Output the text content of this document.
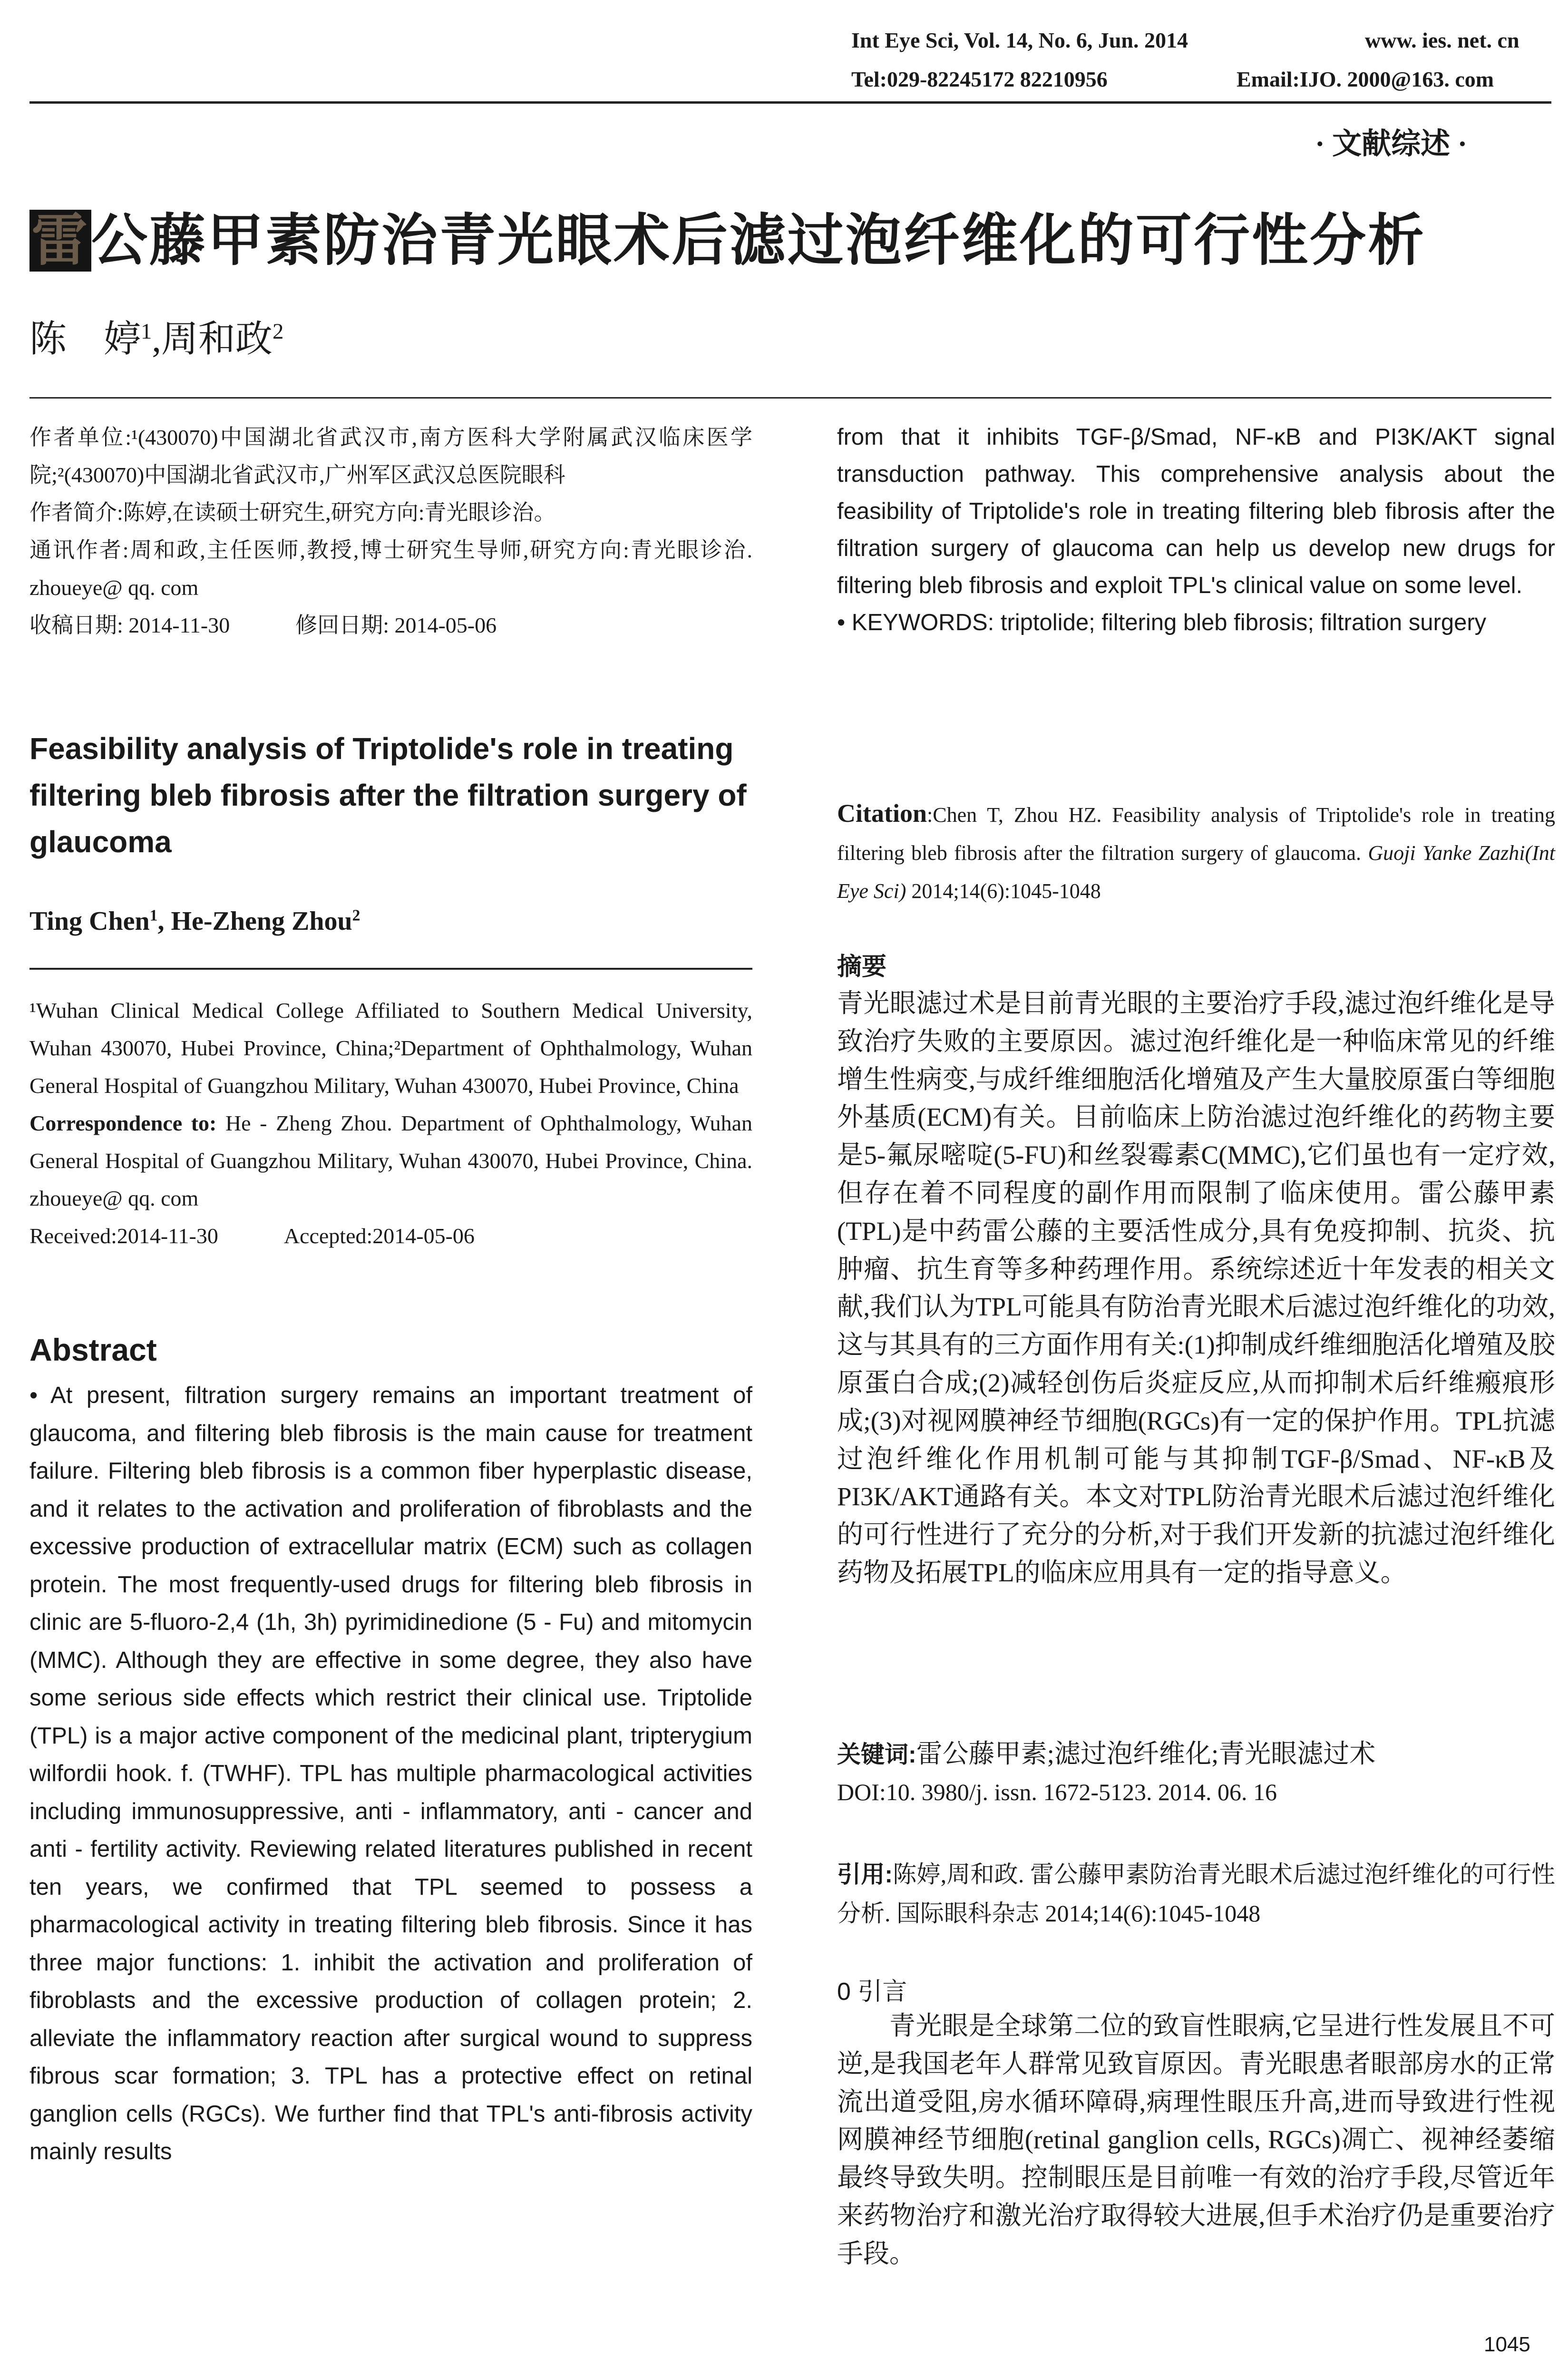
Int Eye Sci, Vol. 14, No. 6, Jun. 2014	www. ies. net. cn
Tel:029-82245172 82210956	Email:IJO. 2000@163. com
· 文献综述 ·
雷公藤甲素防治青光眼术后滤过泡纤维化的可行性分析
陈　婷$^1$,周和政$^2$

作者单位:¹(430070)中国湖北省武汉市,南方医科大学附属武汉临床医学院;²(430070)中国湖北省武汉市,广州军区武汉总医院眼科

作者简介:陈婷,在读硕士研究生,研究方向:青光眼诊治。

通讯作者:周和政,主任医师,教授,博士研究生导师,研究方向:青光眼诊治. zhoueye@ qq. com

收稿日期: 2014-11-30　　　修回日期: 2014-05-06

Feasibility analysis of Triptolide's role in treating filtering bleb fibrosis after the filtration surgery of glaucoma
Ting Chen$^1$, He-Zheng Zhou$^2$

¹Wuhan Clinical Medical College Affiliated to Southern Medical University, Wuhan 430070, Hubei Province, China;²Department of Ophthalmology, Wuhan General Hospital of Guangzhou Military, Wuhan 430070, Hubei Province, China

Correspondence to: He - Zheng Zhou. Department of Ophthalmology, Wuhan General Hospital of Guangzhou Military, Wuhan 430070, Hubei Province, China. zhoueye@ qq. com

Received:2014-11-30　　　Accepted:2014-05-06

Abstract
• At present, filtration surgery remains an important treatment of glaucoma, and filtering bleb fibrosis is the main cause for treatment failure. Filtering bleb fibrosis is a common fiber hyperplastic disease, and it relates to the activation and proliferation of fibroblasts and the excessive production of extracellular matrix (ECM) such as collagen protein. The most frequently-used drugs for filtering bleb fibrosis in clinic are 5-fluoro-2,4 (1h, 3h) pyrimidinedione (5 - Fu) and mitomycin (MMC). Although they are effective in some degree, they also have some serious side effects which restrict their clinical use. Triptolide (TPL) is a major active component of the medicinal plant, tripterygium wilfordii hook. f. (TWHF). TPL has multiple pharmacological activities including immunosuppressive, anti - inflammatory, anti - cancer and anti - fertility activity. Reviewing related literatures published in recent ten years, we confirmed that TPL seemed to possess a pharmacological activity in treating filtering bleb fibrosis. Since it has three major functions: 1. inhibit the activation and proliferation of fibroblasts and the excessive production of collagen protein; 2. alleviate the inflammatory reaction after surgical wound to suppress fibrous scar formation; 3. TPL has a protective effect on retinal ganglion cells (RGCs). We further find that TPL's anti-fibrosis activity mainly results

from that it inhibits TGF-β/Smad, NF-κB and PI3K/AKT signal transduction pathway. This comprehensive analysis about the feasibility of Triptolide's role in treating filtering bleb fibrosis after the filtration surgery of glaucoma can help us develop new drugs for filtering bleb fibrosis and exploit TPL's clinical value on some level.

• KEYWORDS: triptolide; filtering bleb fibrosis; filtration surgery

Citation:Chen T, Zhou HZ. Feasibility analysis of Triptolide's role in treating filtering bleb fibrosis after the filtration surgery of glaucoma. Guoji Yanke Zazhi(Int Eye Sci) 2014;14(6):1045-1048
摘要
青光眼滤过术是目前青光眼的主要治疗手段,滤过泡纤维化是导致治疗失败的主要原因。滤过泡纤维化是一种临床常见的纤维增生性病变,与成纤维细胞活化增殖及产生大量胶原蛋白等细胞外基质(ECM)有关。目前临床上防治滤过泡纤维化的药物主要是5-氟尿嘧啶(5-FU)和丝裂霉素C(MMC),它们虽也有一定疗效,但存在着不同程度的副作用而限制了临床使用。雷公藤甲素(TPL)是中药雷公藤的主要活性成分,具有免疫抑制、抗炎、抗肿瘤、抗生育等多种药理作用。系统综述近十年发表的相关文献,我们认为TPL可能具有防治青光眼术后滤过泡纤维化的功效,这与其具有的三方面作用有关:(1)抑制成纤维细胞活化增殖及胶原蛋白合成;(2)减轻创伤后炎症反应,从而抑制术后纤维瘢痕形成;(3)对视网膜神经节细胞(RGCs)有一定的保护作用。TPL抗滤过泡纤维化作用机制可能与其抑制TGF-β/Smad、NF-κB及PI3K/AKT通路有关。本文对TPL防治青光眼术后滤过泡纤维化的可行性进行了充分的分析,对于我们开发新的抗滤过泡纤维化药物及拓展TPL的临床应用具有一定的指导意义。
关键词:雷公藤甲素;滤过泡纤维化;青光眼滤过术
DOI:10. 3980/j. issn. 1672-5123. 2014. 06. 16
引用:陈婷,周和政. 雷公藤甲素防治青光眼术后滤过泡纤维化的可行性分析. 国际眼科杂志 2014;14(6):1045-1048
0 引言
青光眼是全球第二位的致盲性眼病,它呈进行性发展且不可逆,是我国老年人群常见致盲原因。青光眼患者眼部房水的正常流出道受阻,房水循环障碍,病理性眼压升高,进而导致进行性视网膜神经节细胞(retinal ganglion cells, RGCs)凋亡、视神经萎缩最终导致失明。控制眼压是目前唯一有效的治疗手段,尽管近年来药物治疗和激光治疗取得较大进展,但手术治疗仍是重要治疗手段。
1045
